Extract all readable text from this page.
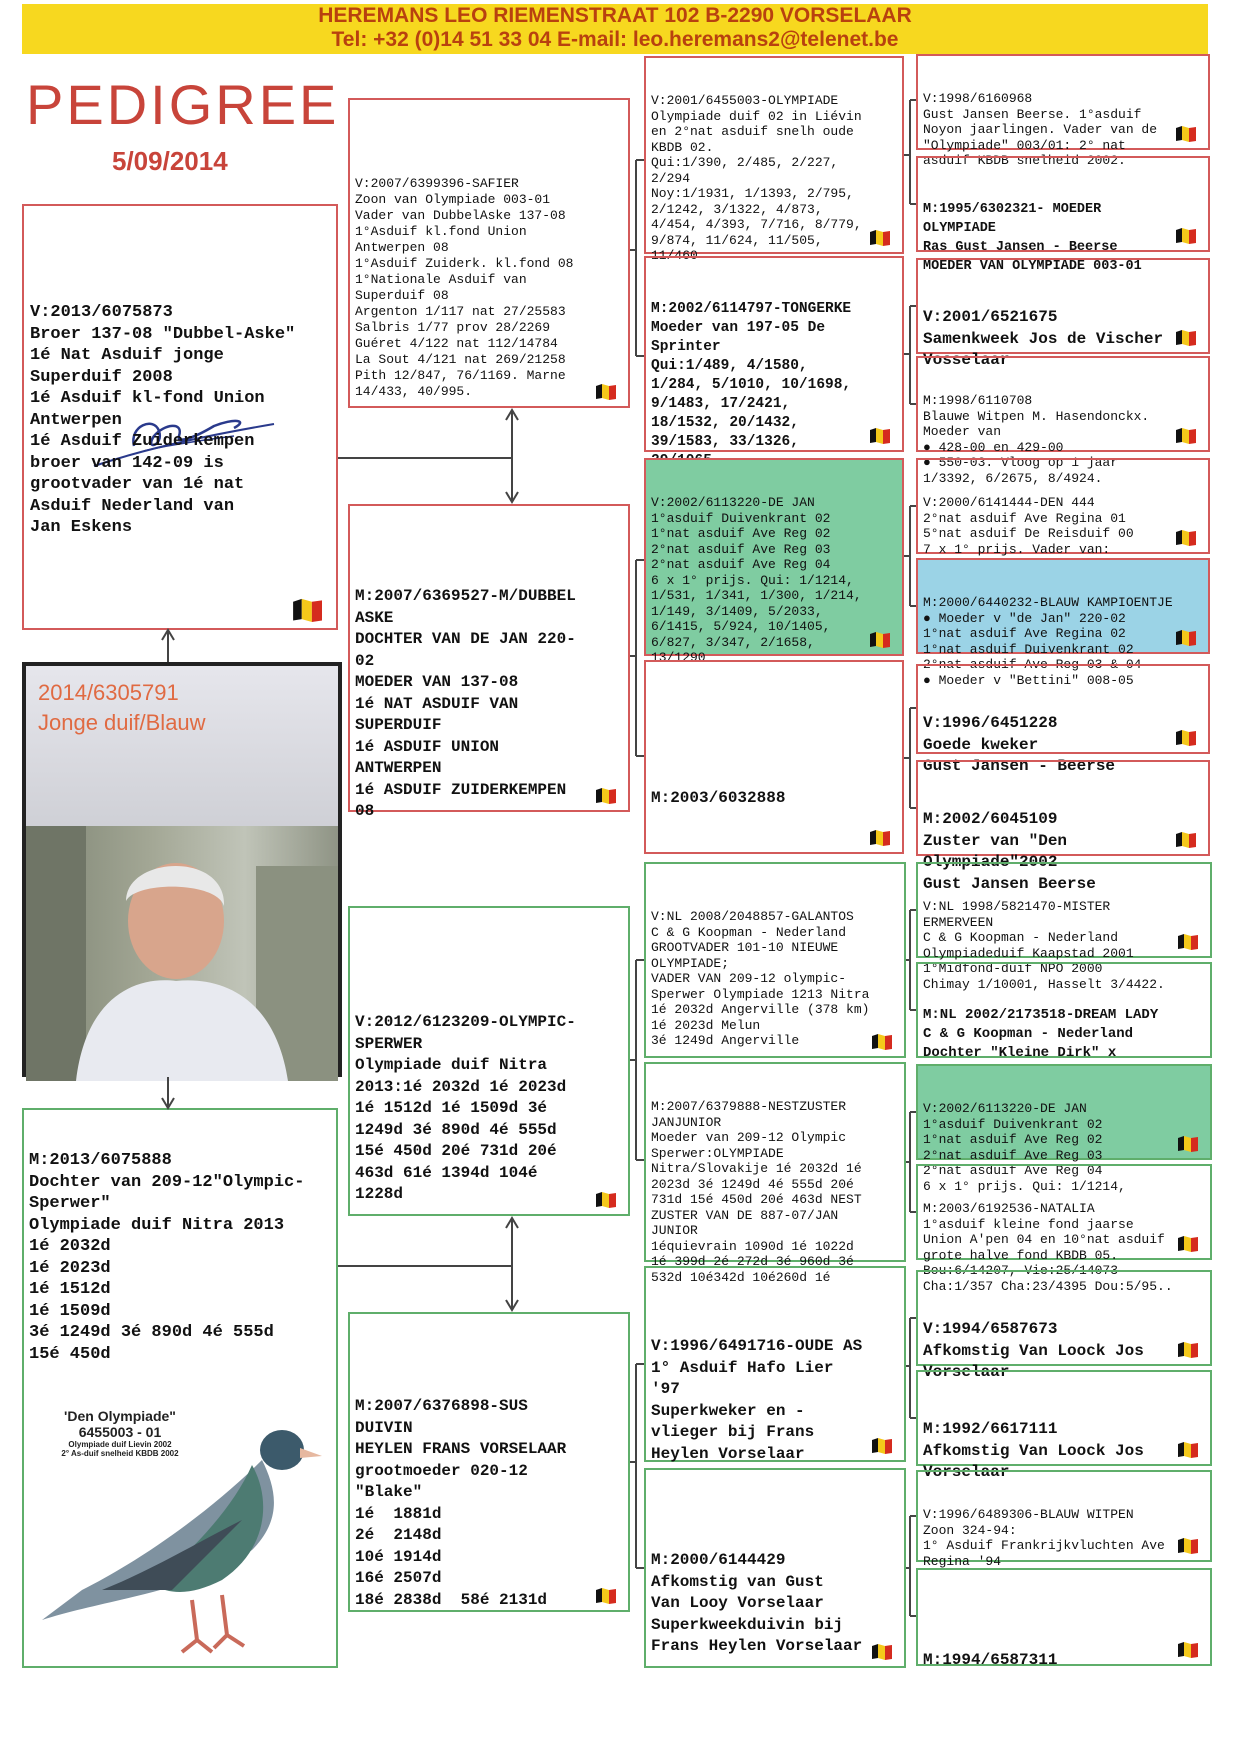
HEREMANS LEO RIEMENSTRAAT 102 B-2290 VORSELAAR
Tel: +32 (0)14 51 33 04 E-mail: leo.heremans2@telenet.be
PEDIGREE
5/09/2014

V:2013/6075873
Broer 137-08 "Dubbel-Aske"
1é Nat Asduif jonge
Superduif 2008
1é Asduif kl-fond Union
Antwerpen
1é Asduif Zuiderkempen
broer van 142-09 is
grootvader van 1é nat
Asduif Nederland van
Jan Eskens

2014/6305791
Jonge duif/Blauw

M:2013/6075888
Dochter van 209-12"Olympic-
Sperwer"
Olympiade duif Nitra 2013
1é 2032d
1é 2023d
1é 1512d
1é 1509d
3é 1249d 3é 890d 4é 555d
15é 450d

'Den Olympiade"
6455003 - 01
Olympiade duif Lievin 2002
2° As-duif snelheid KBDB 2002

V:2007/6399396-SAFIER
Zoon van Olympiade 003-01
Vader van DubbelAske 137-08
1°Asduif kl.fond Union
Antwerpen 08
1°Asduif Zuiderk. kl.fond 08
1°Nationale Asduif van
Superduif 08
Argenton 1/117 nat 27/25583
Salbris 1/77 prov 28/2269
Guéret 4/122 nat 112/14784
La Sout 4/121 nat 269/21258
Pith 12/847, 76/1169. Marne
14/433, 40/995.

M:2007/6369527-M/DUBBEL
ASKE
DOCHTER VAN DE JAN 220-
02
MOEDER VAN 137-08
1é NAT ASDUIF VAN
SUPERDUIF
1é ASDUIF UNION
ANTWERPEN
1é ASDUIF ZUIDERKEMPEN
08

V:2012/6123209-OLYMPIC-
SPERWER
Olympiade duif Nitra
2013:1é 2032d 1é 2023d
1é 1512d 1é 1509d 3é
1249d 3é 890d 4é 555d
15é 450d 20é 731d 20é
463d 61é 1394d 104é
1228d

M:2007/6376898-SUS
DUIVIN
HEYLEN FRANS VORSELAAR
grootmoeder 020-12
"Blake"
1é  1881d
2é  2148d
10é 1914d
16é 2507d
18é 2838d  58é 2131d

V:2001/6455003-OLYMPIADE
Olympiade duif 02 in Liévin
en 2°nat asduif snelh oude
KBDB 02.
Qui:1/390, 2/485, 2/227,
2/294
Noy:1/1931, 1/1393, 2/795,
2/1242, 3/1322, 4/873,
4/454, 4/393, 7/716, 8/779,
9/874, 11/624, 11/505,
11/460

M:2002/6114797-TONGERKE
Moeder van 197-05 De
Sprinter
Qui:1/489, 4/1580,
1/284, 5/1010, 10/1698,
9/1483, 17/2421,
18/1532, 20/1432,
39/1583, 33/1326,

V:2002/6113220-DE JAN
1°asduif Duivenkrant 02
1°nat asduif Ave Reg 02
2°nat asduif Ave Reg 03
2°nat asduif Ave Reg 04
6 x 1° prijs. Qui: 1/1214,
1/531, 1/341, 1/300, 1/214,
1/149, 3/1409, 5/2033,
6/1415, 5/924, 10/1405,
6/827, 3/347, 2/1658,
13/1290

M:2003/6032888

V:NL 2008/2048857-GALANTOS
C & G Koopman - Nederland
GROOTVADER 101-10 NIEUWE
OLYMPIADE;
VADER VAN 209-12 olympic-
Sperwer Olympiade 1213 Nitra
1é 2032d Angerville (378 km)
1é 2023d Melun
3é 1249d Angerville

M:2007/6379888-NESTZUSTER
JANJUNIOR
Moeder van 209-12 Olympic
Sperwer:OLYMPIADE
Nitra/Slovakije 1é 2032d 1é
2023d 3é 1249d 4é 555d 20é
731d 15é 450d 20é 463d NEST
ZUSTER VAN DE 887-07/JAN
JUNIOR
1équievrain 1090d 1é 1022d
1é 399d 2é 272d 3é 960d 3é
532d 10é342d 10é260d 1é

V:1996/6491716-OUDE AS
1° Asduif Hafo Lier
'97
Superkweker en -
vlieger bij Frans
Heylen Vorselaar

M:2000/6144429
Afkomstig van Gust
Van Looy Vorselaar
Superkweekduivin bij
Frans Heylen Vorselaar

V:1998/6160968
Gust Jansen Beerse. 1°asduif
Noyon jaarlingen. Vader van de
"Olympiade" 003/01: 2° nat
asduif KBDB snelheid 2002.

M:1995/6302321- MOEDER
OLYMPIADE
Ras Gust Jansen - Beerse
MOEDER VAN OLYMPIADE 003-01

V:2001/6521675
Samenkweek Jos de Vischer
Vosselaar

M:1998/6110708
Blauwe Witpen M. Hasendonckx.
Moeder van
● 428-00 en 429-00
● 550-03. Vloog op 1 jaar
1/3392, 6/2675, 8/4924.

V:2000/6141444-DEN 444
2°nat asduif Ave Regina 01
5°nat asduif De Reisduif 00
7 x 1° prijs. Vader van:

M:2000/6440232-BLAUW KAMPIOENTJE
● Moeder v "de Jan" 220-02
1°nat asduif Ave Regina 02
1°nat asduif Duivenkrant 02
2°nat asduif Ave Reg 03 & 04
● Moeder v "Bettini" 008-05

V:1996/6451228
Goede kweker
Gust Jansen - Beerse

M:2002/6045109
Zuster van "Den
Olympiade"2002
Gust Jansen Beerse

V:NL 1998/5821470-MISTER
ERMERVEEN
C & G Koopman - Nederland
Olympiadeduif Kaapstad 2001
1°Midfond-duif NPO 2000
Chimay 1/10001, Hasselt 3/4422.

M:NL 2002/2173518-DREAM LADY
C & G Koopman - Nederland
Dochter "Kleine Dirk" x

V:2002/6113220-DE JAN
1°asduif Duivenkrant 02
1°nat asduif Ave Reg 02
2°nat asduif Ave Reg 03
2°nat asduif Ave Reg 04
6 x 1° prijs. Qui: 1/1214,

M:2003/6192536-NATALIA
1°asduif kleine fond jaarse
Union A'pen 04 en 10°nat asduif
grote halve fond KBDB 05.
Bou:6/14207, Vie:25/14073
Cha:1/357 Cha:23/4395 Dou:5/95..

V:1994/6587673
Afkomstig Van Loock Jos
Vorselaar

M:1992/6617111
Afkomstig Van Loock Jos
Vorselaar

V:1996/6489306-BLAUW WITPEN
Zoon 324-94:
1° Asduif Frankrijkvluchten Ave
Regina '94

M:1994/6587311
